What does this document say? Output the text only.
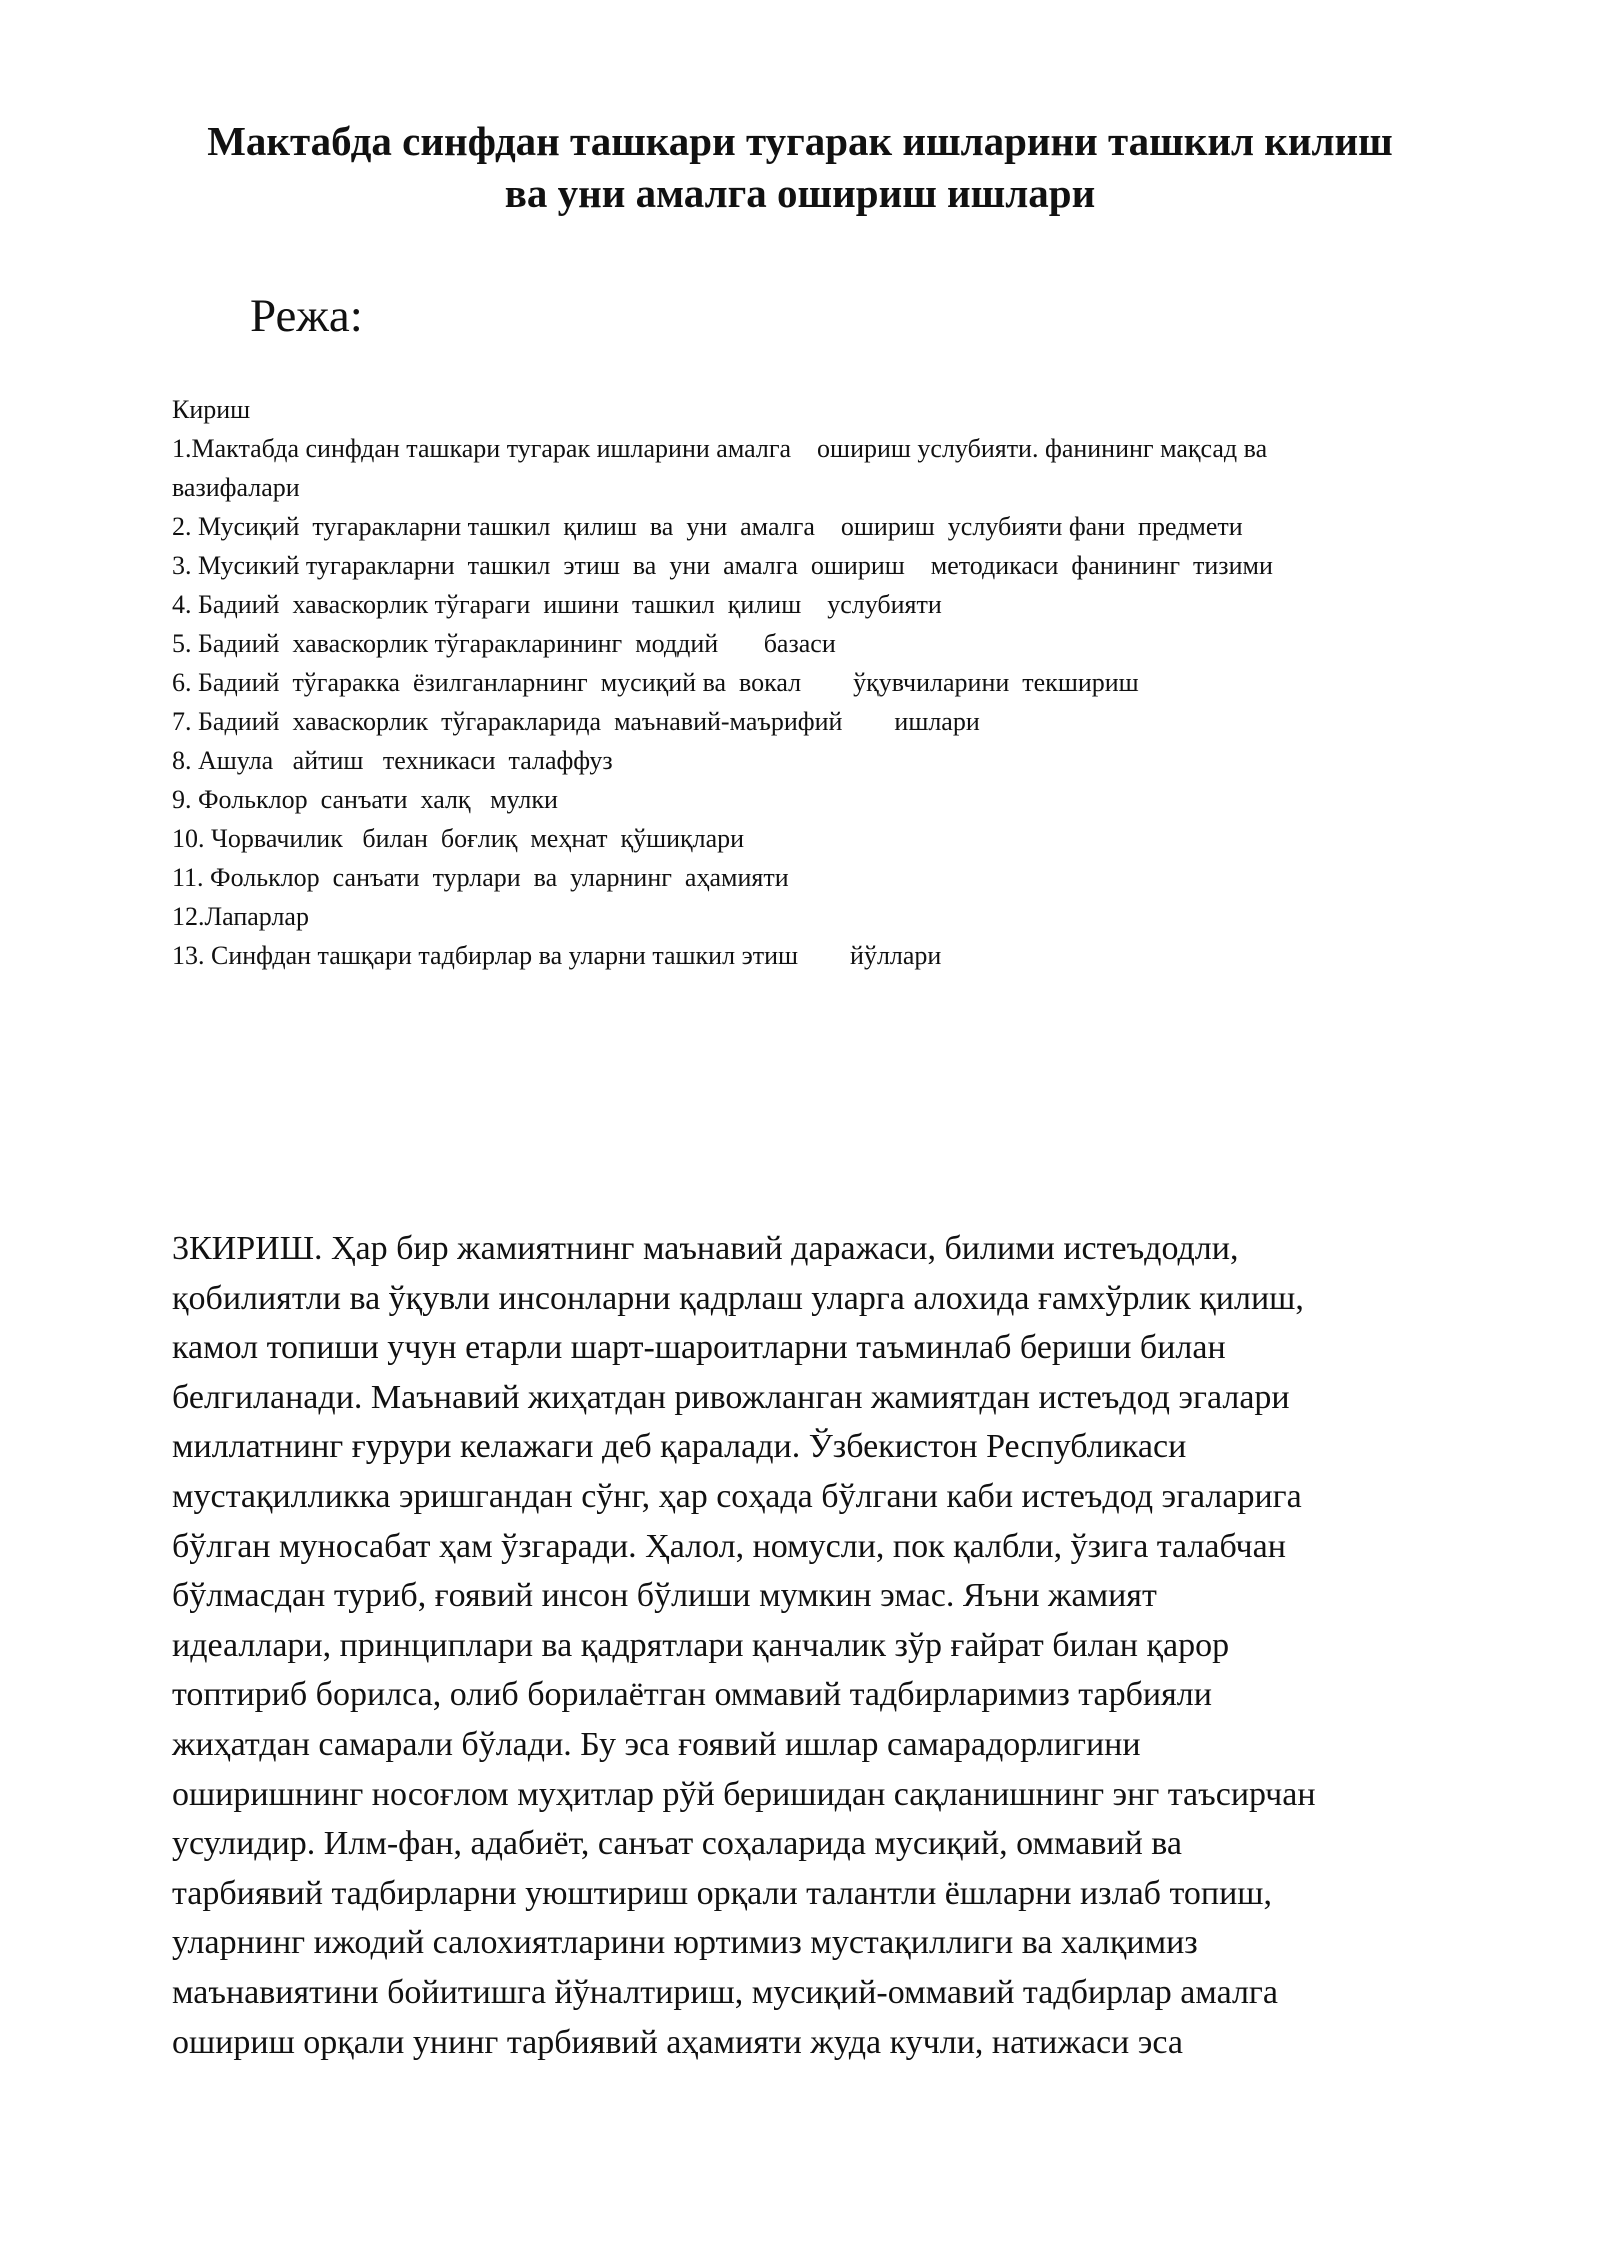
Мактабда синфдан ташкари тугарак ишларини ташкил килиш
ва уни амалга ошириш ишлари
Режа:
Кириш
1.Мактабда синфдан ташкари тугарак ишларини амалга    ошириш услубияти. фанининг мақсад ва
вазифалари
2. Мусиқий  тугаракларни ташкил  қилиш  ва  уни  амалга    ошириш  услубияти фани  предмети
3. Мусикий тугаракларни  ташкил  этиш  ва  уни  амалга  ошириш    методикаси  фанининг  тизими
4. Бадиий  хаваскорлик тўгараги  ишини  ташкил  қилиш    услубияти
5. Бадиий  хаваскорлик тўгаракларининг  моддий       базаси
6. Бадиий  тўгаракка  ёзилганларнинг  мусиқий ва  вокал        ўқувчиларини  текшириш
7. Бадиий  хаваскорлик  тўгаракларида  маънавий-маърифий        ишлари
8. Ашула   айтиш   техникаси  талаффуз
9. Фольклор  санъати  халқ   мулки
10. Чорвачилик   билан  боғлиқ  меҳнат  қўшиқлари
11. Фольклор  санъати  турлари  ва  уларнинг  аҳамияти
12.Лапарлар
13. Синфдан ташқари тадбирлар ва уларни ташкил этиш        йўллари
3КИРИШ. Ҳар бир жамиятнинг маънавий даражаси, билими истеъдодли,
қобилиятли ва ўқувли инсонларни қадрлаш уларга алохида ғамхўрлик қилиш,
камол топиши учун етарли шарт-шароитларни таъминлаб бериши билан
белгиланади. Маънавий жиҳатдан ривожланган жамиятдан истеъдод эгалари
миллатнинг ғурури келажаги деб қаралади. Ўзбекистон Республикаси
мустақилликка эришгандан сўнг, ҳар соҳада бўлгани каби истеъдод эгаларига
бўлган муносабат ҳам ўзгаради. Ҳалол, номусли, пок қалбли, ўзига талабчан
бўлмасдан туриб, ғоявий инсон бўлиши мумкин эмас. Яъни жамият
идеаллари, принциплари ва қадрятлари қанчалик зўр ғайрат билан қарор
топтириб борилса, олиб борилаётган оммавий тадбирларимиз тарбияли
жиҳатдан самарали бўлади. Бу эса ғоявий ишлар самарадорлигини
оширишнинг носоғлом муҳитлар рўй беришидан сақланишнинг энг таъсирчан
усулидир. Илм-фан, адабиёт, санъат соҳаларида мусиқий, оммавий ва
тарбиявий тадбирларни уюштириш орқали талантли ёшларни излаб топиш,
уларнинг ижодий салохиятларини юртимиз мустақиллиги ва халқимиз
маънавиятини бойитишга йўналтириш, мусиқий-оммавий тадбирлар амалга
ошириш орқали унинг тарбиявий аҳамияти жуда кучли, натижаси эса
